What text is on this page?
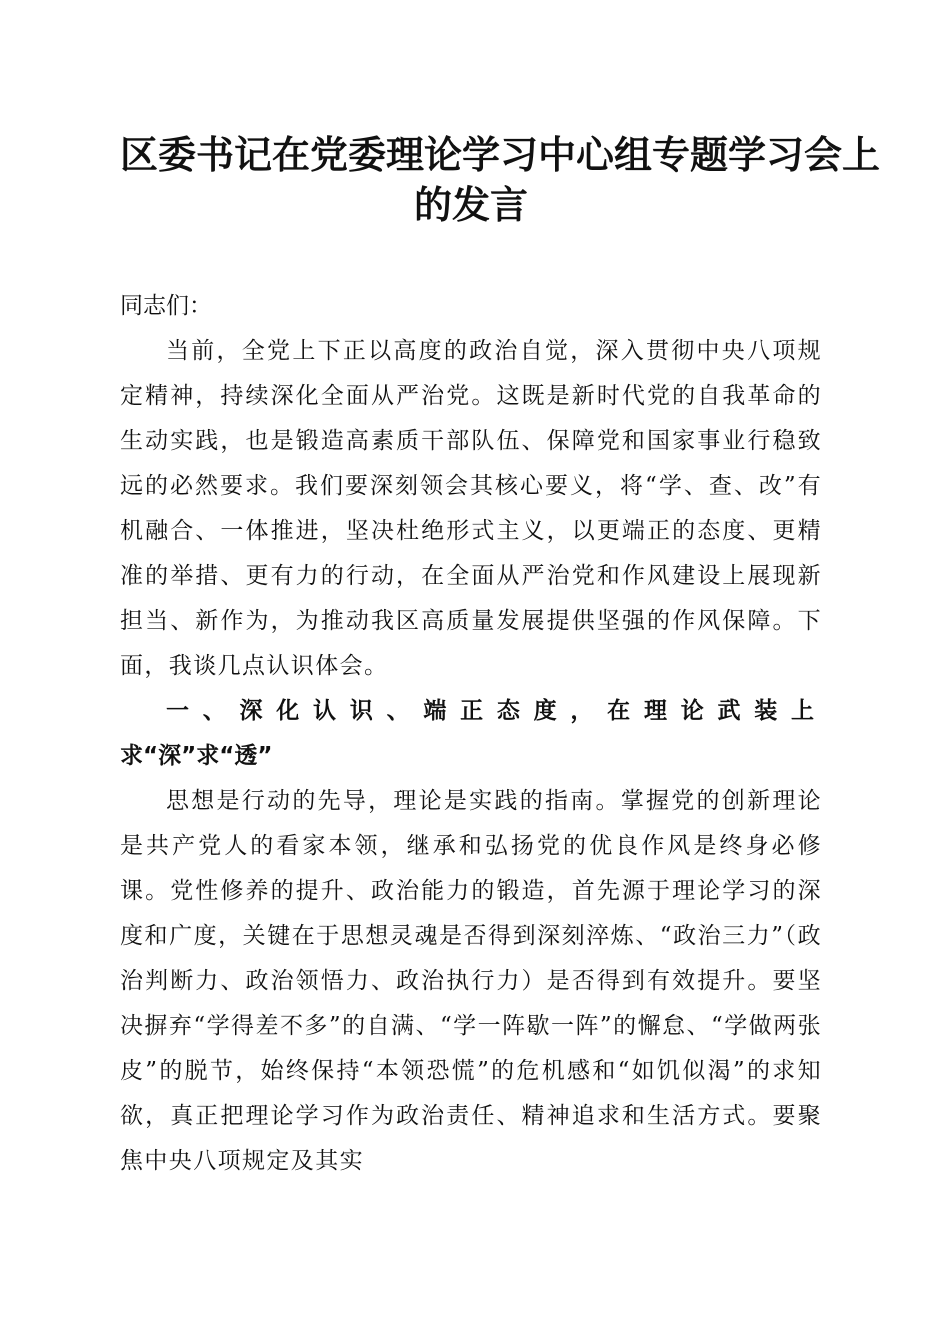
区委书记在党委理论学习中心组专题学习会上
的发言

同志们：

当前，全党上下正以高度的政治自觉，深入贯彻中央八项规定精神，持续深化全面从严治党。这既是新时代党的自我革命的生动实践，也是锻造高素质干部队伍、保障党和国家事业行稳致远的必然要求。我们要深刻领会其核心要义，将“学、查、改”有机融合、一体推进，坚决杜绝形式主义，以更端正的态度、更精准的举措、更有力的行动，在全面从严治党和作风建设上展现新担当、新作为，为推动我区高质量发展提供坚强的作风保障。下面，我谈几点认识体会。

一、深化认识、端正态度，在理论武装上
求“深”求“透”

思想是行动的先导，理论是实践的指南。掌握党的创新理论是共产党人的看家本领，继承和弘扬党的优良作风是终身必修课。党性修养的提升、政治能力的锻造，首先源于理论学习的深度和广度，关键在于思想灵魂是否得到深刻淬炼、“政治三力”（政治判断力、政治领悟力、政治执行力）是否得到有效提升。要坚决摒弃“学得差不多”的自满、“学一阵歇一阵”的懈怠、“学做两张皮”的脱节，始终保持“本领恐慌”的危机感和“如饥似渴”的求知欲，真正把理论学习作为政治责任、精神追求和生活方式。要聚焦中央八项规定及其实
